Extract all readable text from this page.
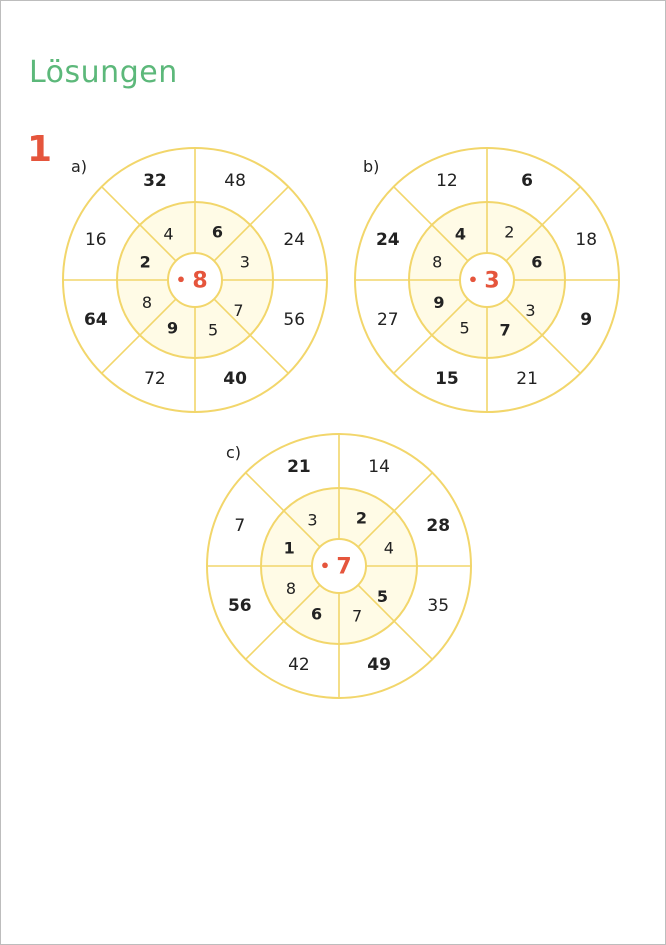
Lösungen
1 a)	b)
c)
32	48
24
56
40
72
64
16	4 6
3
7
5
9
8
2
• 8
12	6
18
9
21
15
27
24	4 2
6
3
7
5
9
8
• 3
21	14
28
35
49
42
56
7	3 2
4
5
7
6
8
1
• 7
